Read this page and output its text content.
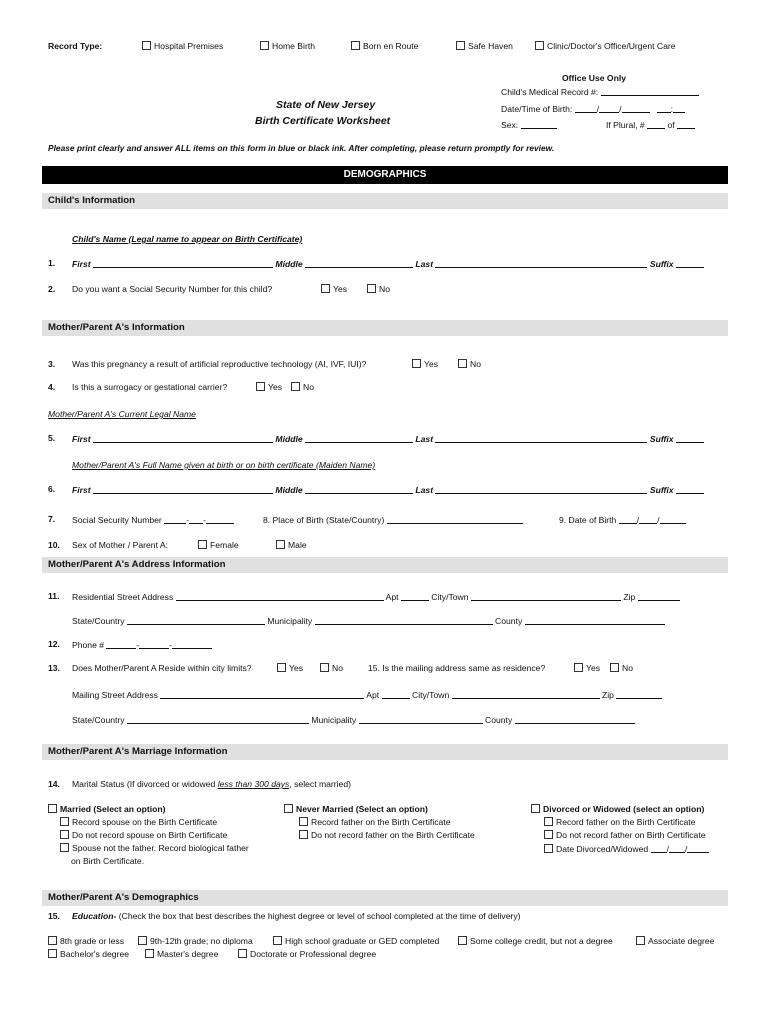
Record Type:	Hospital Premises	Home Birth	Born en Route	Safe Haven	Clinic/Doctor's Office/Urgent Care
Office Use Only
Child's Medical Record #:
Date/Time of Birth:	/ /	:
Sex:	If Plural, #	of
State of New Jersey
Birth Certificate Worksheet
Please print clearly and answer ALL items on this form in blue or black ink. After completing, please return promptly for review.
DEMOGRAPHICS
Child's Information
Child's Name (Legal name to appear on Birth Certificate)
1. First	Middle	Last	Suffix
2. Do you want a Social Security Number for this child?	Yes	No
Mother/Parent A's Information
3. Was this pregnancy a result of artificial reproductive technology (AI, IVF, IUI)?	Yes	No
4. Is this a surrogacy or gestational carrier?	Yes	No
Mother/Parent A's Current Legal Name
5. First	Middle	Last	Suffix
Mother/Parent A's Full Name given at birth or on birth certificate (Maiden Name)
6. First	Middle	Last	Suffix
7. Social Security Number	- -	8. Place of Birth (State/Country)	9. Date of Birth / /
10. Sex of Mother / Parent A:	Female	Male
Mother/Parent A's Address Information
11. Residential Street Address	Apt	City/Town	Zip
State/Country	Municipality	County
12. Phone #	-	-
13. Does Mother/Parent A Reside within city limits?	Yes	No	15. Is the mailing address same as residence?	Yes	No
Mailing Street Address	Apt	City/Town	Zip
State/Country	Municipality	County
Mother/Parent A's Marriage Information
14. Marital Status (If divorced or widowed less than 300 days, select married)
Married (Select an option)
Record spouse on the Birth Certificate
Do not record spouse on Birth Certificate
Spouse not the father. Record biological father
on Birth Certificate.
Never Married (Select an option)
Record father on the Birth Certificate
Do not record father on the Birth Certificate
Divorced or Widowed (select an option)
Record father on the Birth Certificate
Do not record father on Birth Certificate
Date Divorced/Widowed / /
Mother/Parent A's Demographics
15. Education- (Check the box that best describes the highest degree or level of school completed at the time of delivery)
8th grade or less	9th-12th grade; no diploma	High school graduate or GED completed	Some college credit, but not a degree	Associate degree
Bachelor's degree	Master's degree	Doctorate or Professional degree
